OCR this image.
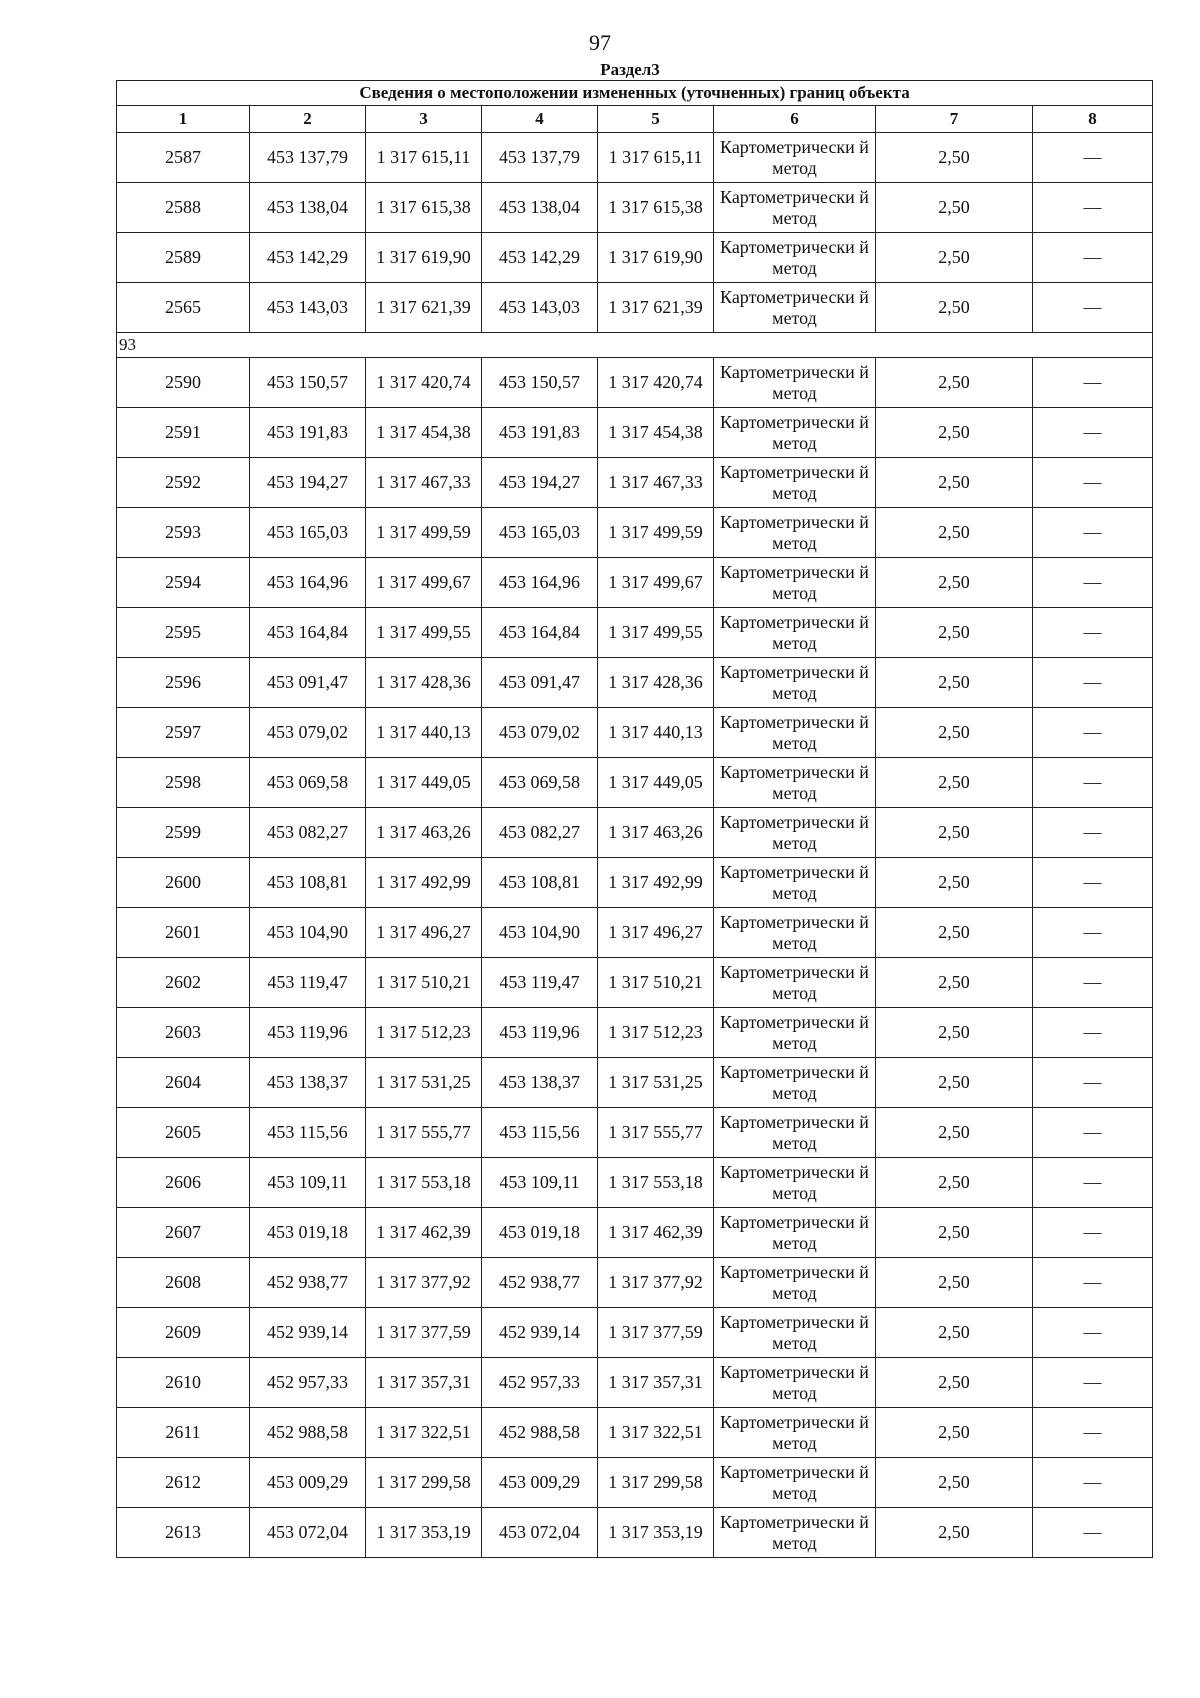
97
Раздел3
Сведения о местоположении измененных (уточненных) границ объекта							
1	2	3	4	5	6	7	8
2587	453 137,79	1 317 615,11	453 137,79	1 317 615,11	Картометрически й метод	2,50	—
2588	453 138,04	1 317 615,38	453 138,04	1 317 615,38	Картометрически й метод	2,50	—
2589	453 142,29	1 317 619,90	453 142,29	1 317 619,90	Картометрически й метод	2,50	—
2565	453 143,03	1 317 621,39	453 143,03	1 317 621,39	Картометрически й метод	2,50	—
93							
2590	453 150,57	1 317 420,74	453 150,57	1 317 420,74	Картометрически й метод	2,50	—
2591	453 191,83	1 317 454,38	453 191,83	1 317 454,38	Картометрически й метод	2,50	—
2592	453 194,27	1 317 467,33	453 194,27	1 317 467,33	Картометрически й метод	2,50	—
2593	453 165,03	1 317 499,59	453 165,03	1 317 499,59	Картометрически й метод	2,50	—
2594	453 164,96	1 317 499,67	453 164,96	1 317 499,67	Картометрически й метод	2,50	—
2595	453 164,84	1 317 499,55	453 164,84	1 317 499,55	Картометрически й метод	2,50	—
2596	453 091,47	1 317 428,36	453 091,47	1 317 428,36	Картометрически й метод	2,50	—
2597	453 079,02	1 317 440,13	453 079,02	1 317 440,13	Картометрически й метод	2,50	—
2598	453 069,58	1 317 449,05	453 069,58	1 317 449,05	Картометрически й метод	2,50	—
2599	453 082,27	1 317 463,26	453 082,27	1 317 463,26	Картометрически й метод	2,50	—
2600	453 108,81	1 317 492,99	453 108,81	1 317 492,99	Картометрически й метод	2,50	—
2601	453 104,90	1 317 496,27	453 104,90	1 317 496,27	Картометрически й метод	2,50	—
2602	453 119,47	1 317 510,21	453 119,47	1 317 510,21	Картометрически й метод	2,50	—
2603	453 119,96	1 317 512,23	453 119,96	1 317 512,23	Картометрически й метод	2,50	—
2604	453 138,37	1 317 531,25	453 138,37	1 317 531,25	Картометрически й метод	2,50	—
2605	453 115,56	1 317 555,77	453 115,56	1 317 555,77	Картометрически й метод	2,50	—
2606	453 109,11	1 317 553,18	453 109,11	1 317 553,18	Картометрически й метод	2,50	—
2607	453 019,18	1 317 462,39	453 019,18	1 317 462,39	Картометрически й метод	2,50	—
2608	452 938,77	1 317 377,92	452 938,77	1 317 377,92	Картометрически й метод	2,50	—
2609	452 939,14	1 317 377,59	452 939,14	1 317 377,59	Картометрически й метод	2,50	—
2610	452 957,33	1 317 357,31	452 957,33	1 317 357,31	Картометрически й метод	2,50	—
2611	452 988,58	1 317 322,51	452 988,58	1 317 322,51	Картометрически й метод	2,50	—
2612	453 009,29	1 317 299,58	453 009,29	1 317 299,58	Картометрически й метод	2,50	—
2613	453 072,04	1 317 353,19	453 072,04	1 317 353,19	Картометрически й метод	2,50	—
